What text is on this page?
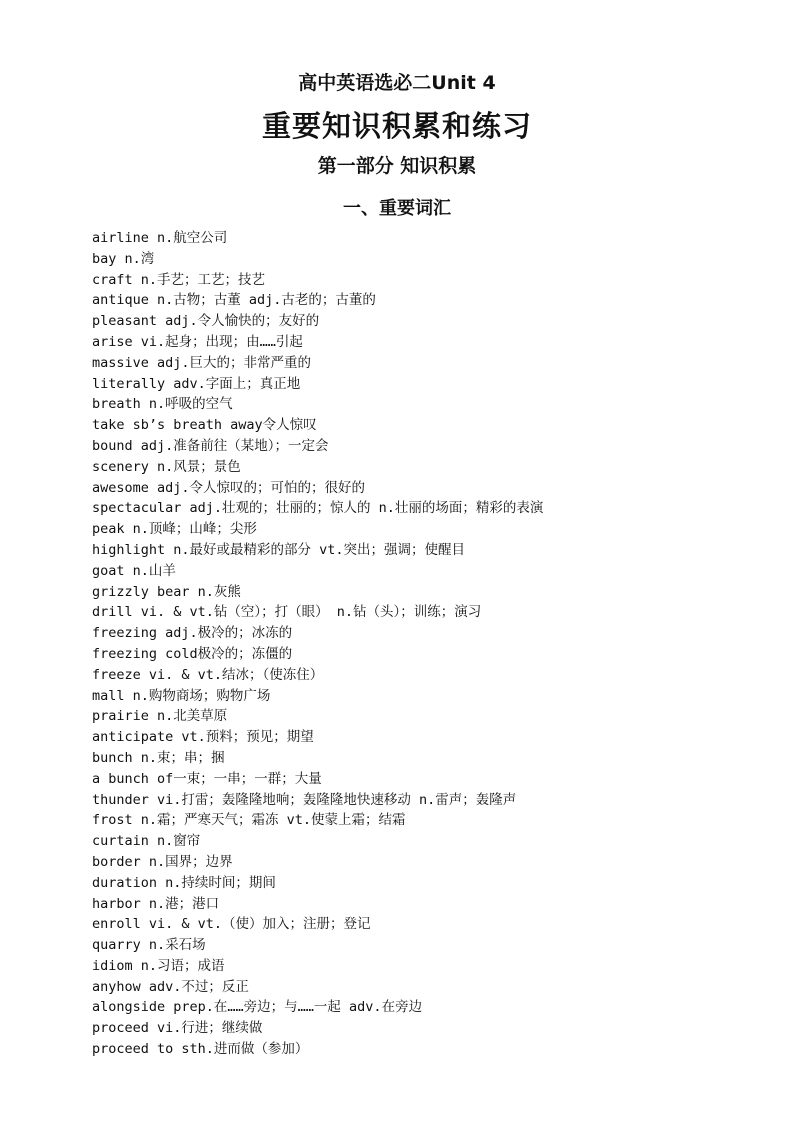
高中英语选必二Unit 4
重要知识积累和练习
第一部分 知识积累
一、重要词汇
airline n.航空公司
bay n.湾
craft n.手艺；工艺；技艺
antique n.古物；古董 adj.古老的；古董的
pleasant adj.令人愉快的；友好的
arise vi.起身；出现；由……引起
massive adj.巨大的；非常严重的
literally adv.字面上；真正地
breath n.呼吸的空气
take sb’s breath away令人惊叹
bound adj.准备前往（某地）；一定会
scenery n.风景；景色
awesome adj.令人惊叹的；可怕的；很好的
spectacular adj.壮观的；壮丽的；惊人的 n.壮丽的场面；精彩的表演
peak n.顶峰；山峰；尖形
highlight n.最好或最精彩的部分 vt.突出；强调；使醒目
goat n.山羊
grizzly bear n.灰熊
drill vi. & vt.钻（空）；打（眼） n.钻（头）；训练；演习
freezing adj.极冷的；冰冻的
freezing cold极冷的；冻僵的
freeze vi. & vt.结冰；（使冻住）
mall n.购物商场；购物广场
prairie n.北美草原
anticipate vt.预料；预见；期望
bunch n.束；串；捆
a bunch of一束；一串；一群；大量
thunder vi.打雷；轰隆隆地响；轰隆隆地快速移动 n.雷声；轰隆声
frost n.霜；严寒天气；霜冻 vt.使蒙上霜；结霜
curtain n.窗帘
border n.国界；边界
duration n.持续时间；期间
harbor n.港；港口
enroll vi. & vt.（使）加入；注册；登记
quarry n.采石场
idiom n.习语；成语
anyhow adv.不过；反正
alongside prep.在……旁边；与……一起 adv.在旁边
proceed vi.行进；继续做
proceed to sth.进而做（参加）
